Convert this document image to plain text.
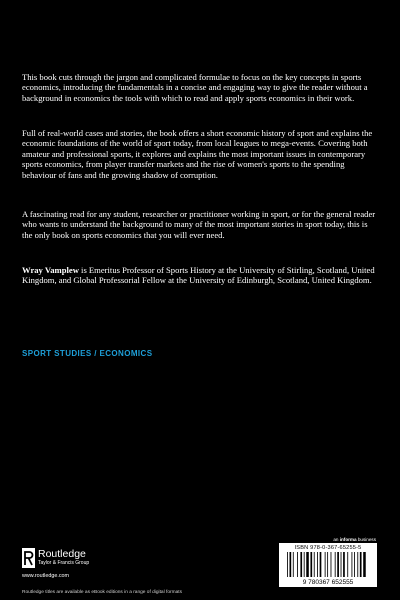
This book cuts through the jargon and complicated formulae to focus on the key concepts in sports economics, introducing the fundamentals in a concise and engaging way to give the reader without a background in economics the tools with which to read and apply sports economics in their work.

Full of real-world cases and stories, the book offers a short economic history of sport and explains the economic foundations of the world of sport today, from local leagues to mega-events. Covering both amateur and professional sports, it explores and explains the most important issues in contemporary sports economics, from player transfer markets and the rise of women's sports to the spending behaviour of fans and the growing shadow of corruption.

A fascinating read for any student, researcher or practitioner working in sport, or for the general reader who wants to understand the background to many of the most important stories in sport today, this is the only book on sports economics that you will ever need.

Wray Vamplew is Emeritus Professor of Sports History at the University of Stirling, Scotland, United Kingdom, and Global Professorial Fellow at the University of Edinburgh, Scotland, United Kingdom.

SPORT STUDIES / ECONOMICS
an informa business
Routledge
Taylor & Francis Group
www.routledge.com
Routledge titles are available as eBook editions in a range of digital formats
ISBN 978-0-367-65255-5
9 780367 652555
